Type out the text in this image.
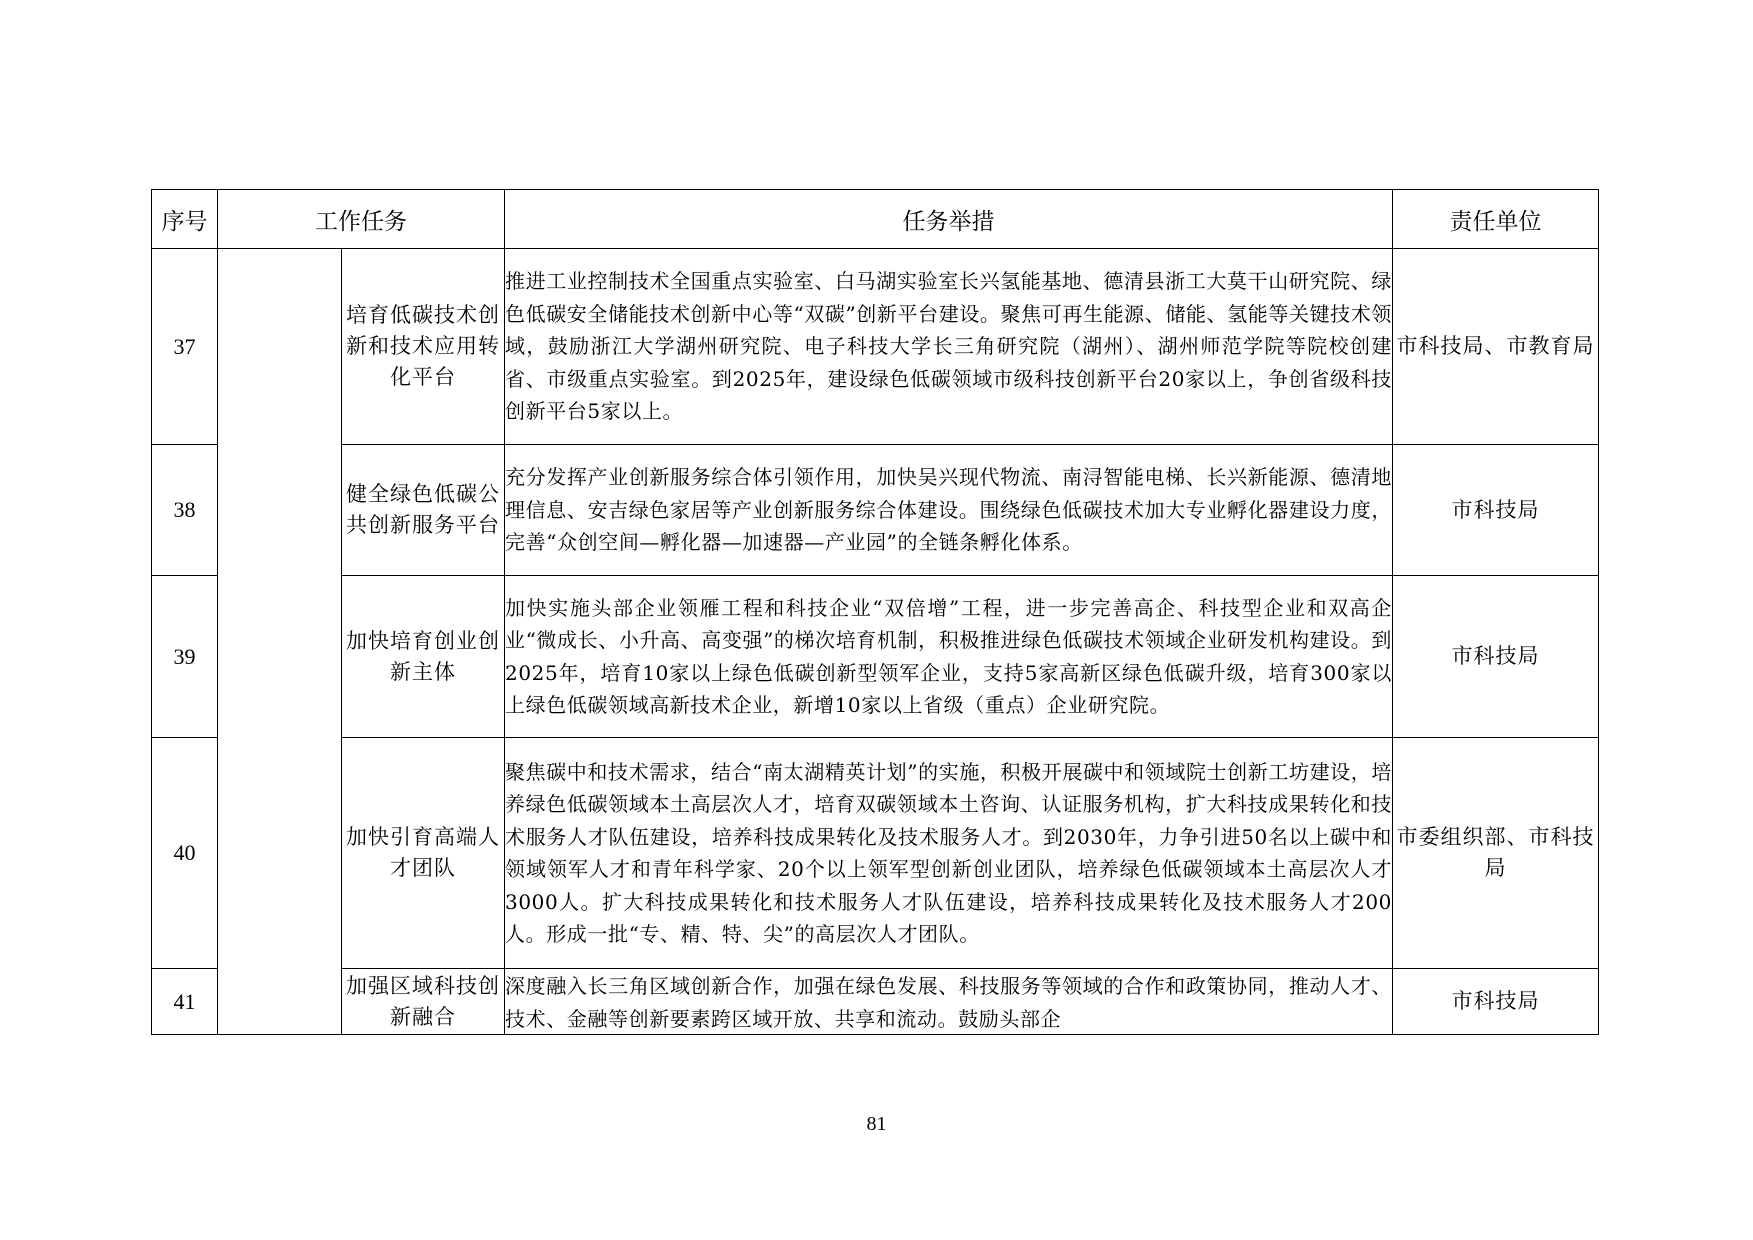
序号	工作任务		任务举措	责任单位
37		培育低碳技术创新和技术应用转化平台	推进工业控制技术全国重点实验室、白马湖实验室长兴氢能基地、德清县浙工大莫干山研究院、绿色低碳安全储能技术创新中心等“双碳”创新平台建设。聚焦可再生能源、储能、氢能等关键技术领域，鼓励浙江大学湖州研究院、电子科技大学长三角研究院（湖州）、湖州师范学院等院校创建省、市级重点实验室。到2025年，建设绿色低碳领域市级科技创新平台20家以上，争创省级科技创新平台5家以上。	市科技局、市教育局
38		健全绿色低碳公共创新服务平台	充分发挥产业创新服务综合体引领作用，加快吴兴现代物流、南浔智能电梯、长兴新能源、德清地理信息、安吉绿色家居等产业创新服务综合体建设。围绕绿色低碳技术加大专业孵化器建设力度，完善“众创空间—孵化器—加速器—产业园”的全链条孵化体系。	市科技局
39		加快培育创业创新主体	加快实施头部企业领雁工程和科技企业“双倍增”工程，进一步完善高企、科技型企业和双高企业“微成长、小升高、高变强”的梯次培育机制，积极推进绿色低碳技术领域企业研发机构建设。到2025年，培育10家以上绿色低碳创新型领军企业，支持5家高新区绿色低碳升级，培育300家以上绿色低碳领域高新技术企业，新增10家以上省级（重点）企业研究院。	市科技局
40		加快引育高端人才团队	聚焦碳中和技术需求，结合“南太湖精英计划”的实施，积极开展碳中和领域院士创新工坊建设，培养绿色低碳领域本土高层次人才，培育双碳领域本土咨询、认证服务机构，扩大科技成果转化和技术服务人才队伍建设，培养科技成果转化及技术服务人才。到2030年，力争引进50名以上碳中和领域领军人才和青年科学家、20个以上领军型创新创业团队，培养绿色低碳领域本土高层次人才3000人。扩大科技成果转化和技术服务人才队伍建设，培养科技成果转化及技术服务人才200人。形成一批“专、精、特、尖”的高层次人才团队。	市委组织部、市科技局
41		加强区域科技创新融合	深度融入长三角区域创新合作，加强在绿色发展、科技服务等领域的合作和政策协同，推动人才、技术、金融等创新要素跨区域开放、共享和流动。鼓励头部企	市科技局
81
